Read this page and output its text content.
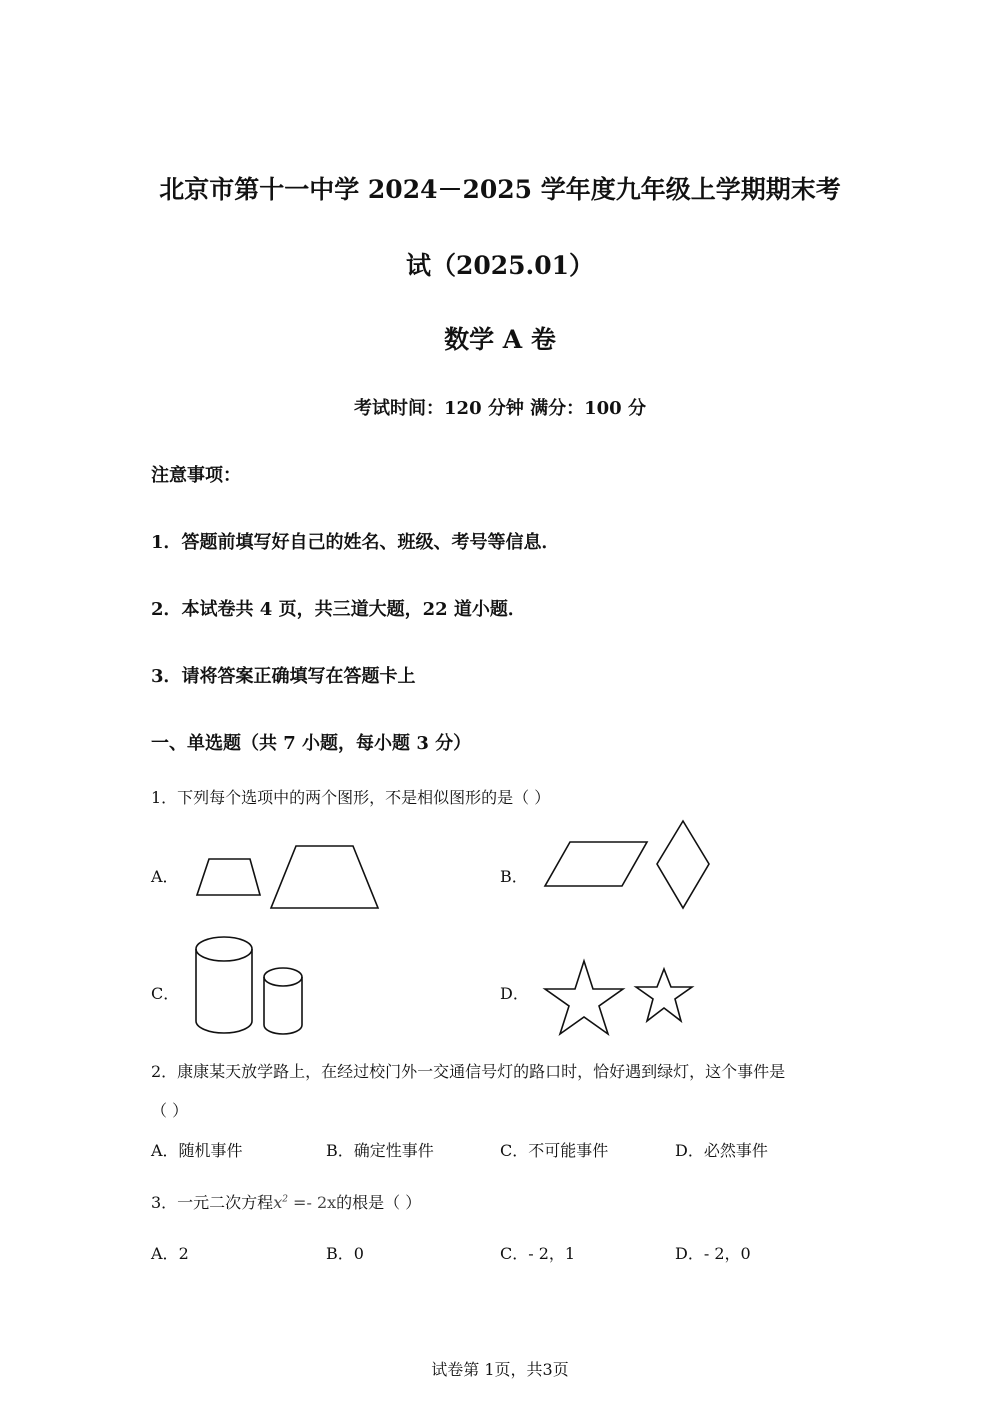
北京市第十一中学 2024－2025 学年度九年级上学期期末考
试（2025.01）
数学 A 卷
考试时间：120 分钟 满分：100 分
注意事项：
1．答题前填写好自己的姓名、班级、考号等信息．
2．本试卷共 4 页，共三道大题，22 道小题．
3．请将答案正确填写在答题卡上
一、单选题（共 7 小题，每小题 3 分）
1．下列每个选项中的两个图形，不是相似图形的是（ ）
A．	B．
C．	D．
2．康康某天放学路上，在经过校门外一交通信号灯的路口时，恰好遇到绿灯，这个事件是
（ ）
A．随机事件	B．确定性事件	C．不可能事件	D．必然事件
3．一元二次方程$x^2 =- 2x$的根是（ ）
A．2	B．0	C．- 2，1	D．- 2，0
试卷第 1页，共3页
